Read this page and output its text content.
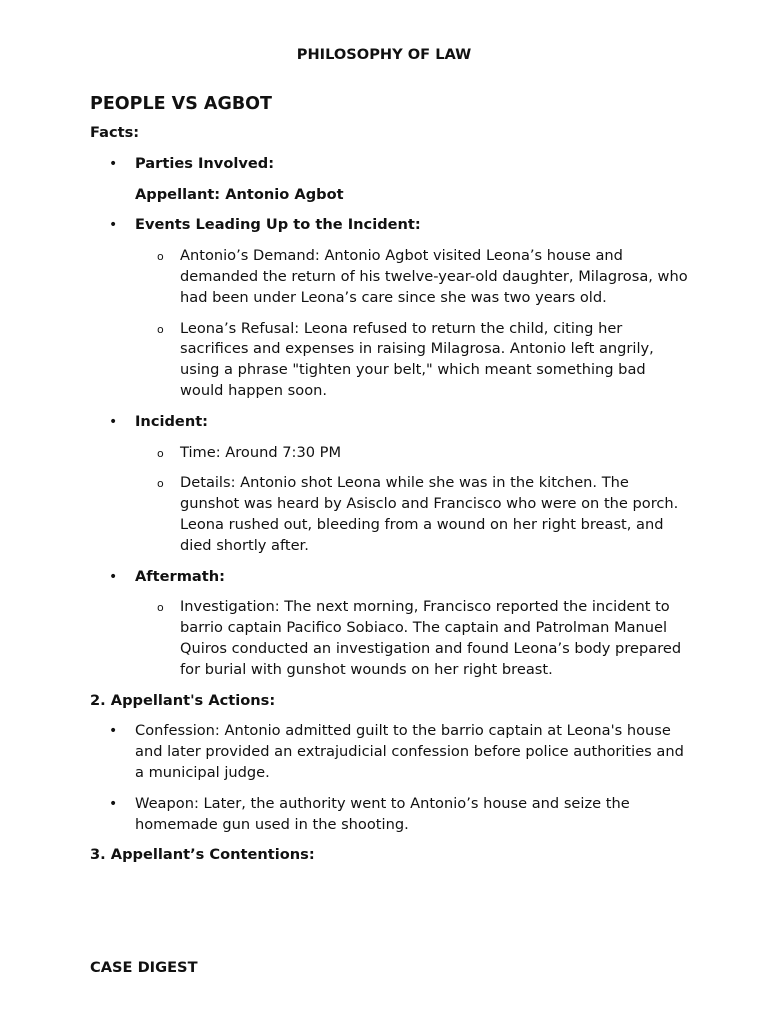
PHILOSOPHY OF LAW
PEOPLE VS AGBOT
Facts:
• Parties Involved:
Appellant: Antonio Agbot
• Events Leading Up to the Incident:
o Antonio’s Demand: Antonio Agbot visited Leona’s house and demanded the return of his twelve-year-old daughter, Milagrosa, who had been under Leona’s care since she was two years old.
o Leona’s Refusal: Leona refused to return the child, citing her sacrifices and expenses in raising Milagrosa. Antonio left angrily, using a phrase "tighten your belt," which meant something bad would happen soon.
• Incident:
o Time: Around 7:30 PM
o Details: Antonio shot Leona while she was in the kitchen. The gunshot was heard by Asisclo and Francisco who were on the porch. Leona rushed out, bleeding from a wound on her right breast, and died shortly after.
• Aftermath:
o Investigation: The next morning, Francisco reported the incident to barrio captain Pacifico Sobiaco. The captain and Patrolman Manuel Quiros conducted an investigation and found Leona’s body prepared for burial with gunshot wounds on her right breast.
2. Appellant's Actions:
• Confession: Antonio admitted guilt to the barrio captain at Leona's house and later provided an extrajudicial confession before police authorities and a municipal judge.
• Weapon: Later, the authority went to Antonio’s house and seize the homemade gun used in the shooting.
3. Appellant’s Contentions:
CASE DIGEST
